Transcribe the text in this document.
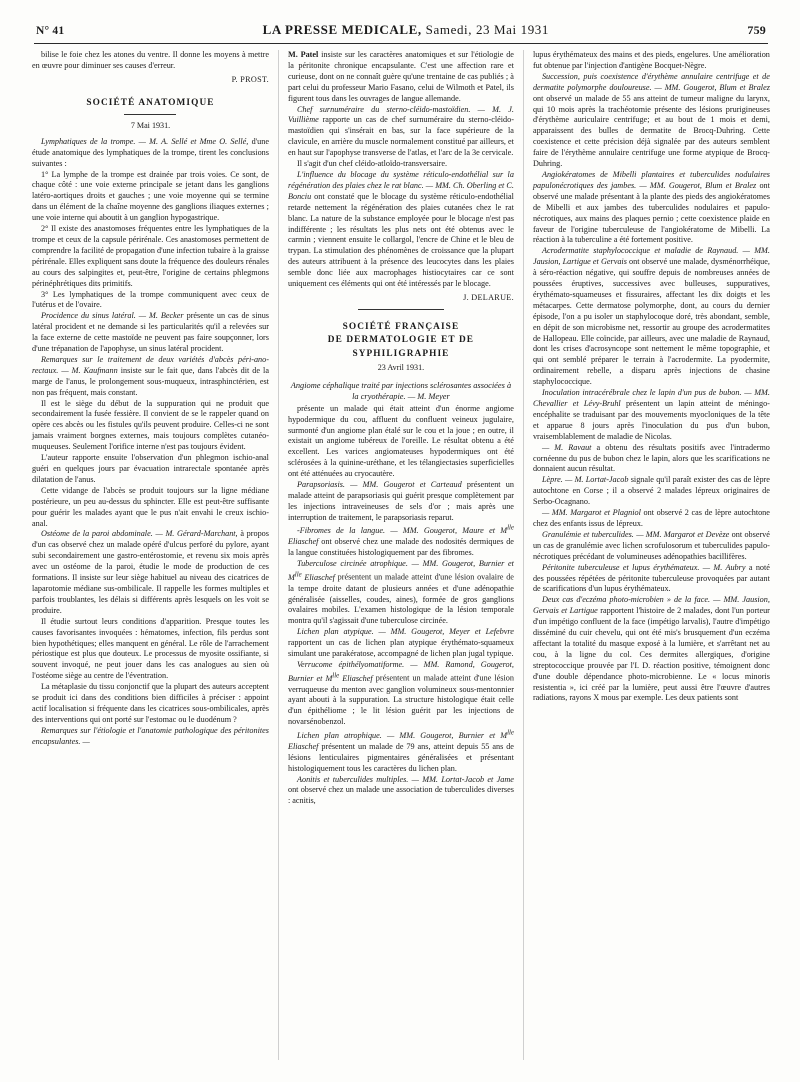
N° 41	LA PRESSE MEDICALE, Samedi, 23 Mai 1931	759

bilise le foie chez les atones du ventre. Il donne les moyens à mettre en œuvre pour diminuer ses causes d'erreur.

P. PROST.

SOCIÉTÉ ANATOMIQUE

7 Mai 1931.

Lymphatiques de la trompe. — M. A. Sellé et Mme O. Sellé, d'une étude anatomique des lymphatiques de la trompe, tirent les conclusions suivantes :

1° La lymphe de la trompe est drainée par trois voies. Ce sont, de chaque côté : une voie externe principale se jetant dans les ganglions latéro-aortiques droits et gauches ; une voie moyenne qui se termine dans un élément de la chaîne moyenne des ganglions iliaques externes ; une voie interne qui aboutit à un ganglion hypogastrique.

2° Il existe des anastomoses fréquentes entre les lymphatiques de la trompe et ceux de la capsule périrénale. Ces anastomoses permettent de comprendre la facilité de propagation d'une infection tubaire à la graisse périrénale. Elles expliquent sans doute la fréquence des douleurs rénales au cours des salpingites et, peut-être, l'origine de certains phlegmons périnéphrétiques dits primitifs.

3° Les lymphatiques de la trompe communiquent avec ceux de l'utérus et de l'ovaire.

Procidence du sinus latéral. — M. Becker présente un cas de sinus latéral procident et ne demande si les particularités qu'il a relevées sur la face externe de cette mastoïde ne peuvent pas faire soupçonner, lors d'une trépanation de l'apophyse, un sinus latéral procident.

Remarques sur le traitement de deux variétés d'abcès péri-ano-rectaux. — M. Kaufmann insiste sur le fait que, dans l'abcès dit de la marge de l'anus, le prolongement sous-muqueux, intrasphinctérien, est non pas fréquent, mais constant.

Il est le siège du début de la suppuration qui ne produit que secondairement la fusée fessière. Il convient de se le rappeler quand on opère ces abcès ou les fistules qu'ils peuvent produire. Celles-ci ne sont jamais vraiment borgnes externes, mais toujours complètes cutanéo-muqueuses. Seulement l'orifice interne n'est pas toujours évident.

L'auteur rapporte ensuite l'observation d'un phlegmon ischio-anal guéri en quelques jours par évacuation intrarectale spontanée après dilatation de l'anus.

Cette vidange de l'abcès se produit toujours sur la ligne médiane postérieure, un peu au-dessus du sphincter. Elle est peut-être suffisante pour guérir les malades ayant que le pus n'ait envahi le creux ischio-anal.

Ostéome de la paroi abdominale. — M. Gérard-Marchant, à propos d'un cas observé chez un malade opéré d'ulcus perforé du pylore, ayant subi secondairement une gastro-entérostomie, et revenu six mois après avec un ostéome de la paroi, étudie le mode de production de ces formations. Il insiste sur leur siège habituel au niveau des cicatrices de laparotomie médiane sus-ombilicale. Il rappelle les formes multiples et parfois troublantes, les délais si différents après lesquels on les voit se produire.

Il étudie surtout leurs conditions d'apparition. Presque toutes les causes favorisantes invoquées : hématomes, infection, fils perdus sont bien hypothétiques; elles manquent en général. Le rôle de l'arrachement périostique est plus que douteux. Le processus de myosite ossifiante, si souvent invoqué, ne peut jouer dans les cas analogues au sien où l'ostéome siège au centre de l'éventration.

La métaplasie du tissu conjonctif que la plupart des auteurs acceptent se produit ici dans des conditions bien difficiles à préciser : appoint actif localisation si fréquente dans les cicatrices sous-ombilicales, après des interventions qui ont porté sur l'estomac ou le duodénum ?

Remarques sur l'étiologie et l'anatomie pathologique des péritonites encapsulantes. —

M. Patel insiste sur les caractères anatomiques et sur l'étiologie de la péritonite chronique encapsulante. C'est une affection rare et curieuse, dont on ne connaît guère qu'une trentaine de cas publiés ; à part celui du professeur Mario Fasano, celui de Wilmoth et Patel, ils figurent tous dans les ouvrages de langue allemande.

Chef surnuméraire du sterno-cléido-mastoïdien. — M. J. Vuillième rapporte un cas de chef surnuméraire du sterno-cléido-mastoïdien qui s'insérait en bas, sur la face supérieure de la clavicule, en arrière du muscle normalement constitué par ailleurs, et en haut sur l'apophyse transverse de l'atlas, et l'arc de la 3e cervicale.

Il s'agit d'un chef cléido-atloïdo-transversaire.

L'influence du blocage du système réticulo-endothélial sur la régénération des plaies chez le rat blanc. — MM. Ch. Oberling et C. Bonciu ont constaté que le blocage du système réticulo-endothélial retarde nettement la régénération des plaies cutanées chez le rat blanc. La nature de la substance employée pour le blocage n'est pas indifférente ; les résultats les plus nets ont été obtenus avec le carmin ; viennent ensuite le collargol, l'encre de Chine et le bleu de trypan. La stimulation des phénomènes de croissance que la plupart des auteurs attribuent à la présence des leucocytes dans les plaies semble donc liée aux macrophages histiocytaires car ce sont uniquement ces éléments qui ont été intéressés par le blocage.

J. DELARUE.

SOCIÉTÉ FRANÇAISE
DE DERMATOLOGIE ET DE SYPHILIGRAPHIE

23 Avril 1931.

Angiome céphalique traité par injections sclérosantes associées à la cryothérapie. — M. Meyer

présente un malade qui était atteint d'un énorme angiome hypodermique du cou, affluent du confluent veineux jugulaire, surmonté d'un angiome plan étalé sur le cou et la joue ; en outre, il existait un angiome tubéreux de l'oreille. Le résultat obtenu a été excellent. Les varices angiomateuses hypodermiques ont été sclérosées à la quinine-uréthane, et les télangiectasies superficielles ont été atténuées au cryocautère.

Parapsoriasis. — MM. Gougerot et Carteaud présentent un malade atteint de parapsoriasis qui guérit presque complètement par les injections intraveineuses de sels d'or ; mais après une interruption de traitement, le parapsoriasis reparut.

-Fibromes de la langue. — MM. Gougerot, Maure et $M^{lle}$ Eliaschef ont observé chez une malade des nodosités dermiques de la langue constituées histologiquement par des fibromes.

Tuberculose circinée atrophique. — MM. Gougerot, Burnier et $M^{lle}$ Eliaschef présentent un malade atteint d'une lésion ovalaire de la tempe droite datant de plusieurs années et d'une adénopathie généralisée (aisselles, coudes, aines), formée de gros ganglions ovalaires mobiles. L'examen histologique de la lésion temporale montra qu'il s'agissait d'une tuberculose circinée.

Lichen plan atypique. — MM. Gougerot, Meyer et Lefebvre rapportent un cas de lichen plan atypique érythémato-squameux simulant une parakératose, accompagné de lichen plan jugal typique.

Verrucome épithélyomatiforme. — MM. Ramond, Gougerot, Burnier et $M^{lle}$ Eliaschef présentent un malade atteint d'une lésion verruqueuse du menton avec ganglion volumineux sous-mentonnier ayant abouti à la suppuration. La structure histologique était celle d'un épithéliome ; le lit lésion guérit par les injections de novarsénobenzol.

Lichen plan atrophique. — MM. Gougerot, Burnier et $M^{lle}$ Eliaschef présentent un malade de 79 ans, atteint depuis 55 ans de lésions lenticulaires pigmentaires généralisées et présentant histologiquement tous les caractères du lichen plan.

Aonitis et tuberculides multiples. — MM. Lortat-Jacob et Jame ont observé chez un malade une association de tuberculides diverses : acnitis,

lupus érythémateux des mains et des pieds, engelures. Une amélioration fut obtenue par l'injection d'antigène Bocquet-Nègre.

Succession, puis coexistence d'érythème annulaire centrifuge et de dermatite polymorphe douloureuse. — MM. Gougerot, Blum et Bralez ont observé un malade de 55 ans atteint de tumeur maligne du larynx, qui 10 mois après la trachéotomie présente des lésions prurigineuses d'érythème auriculaire centrifuge; et au bout de 1 mois et demi, apparaissent des bulles de dermatite de Brocq-Duhring. Cette coexistence et cette précision déjà signalée par des auteurs semblent faire de l'érythème annulaire centrifuge une forme atypique de Brocq-Duhring.

Angiokératomes de Mibelli plantaires et tuberculides nodulaires papulonécrotiques des jambes. — MM. Gougerot, Blum et Bralez ont observé une malade présentant à la plante des pieds des angiokératomes de Mibelli et aux jambes des tuberculides nodulaires et papulo-nécrotiques, aux mains des plaques pernio ; cette coexistence plaide en faveur de l'origine tuberculeuse de l'angiokératome de Mibelli. La réaction à la tuberculine a été fortement positive.

Acrodermatite staphylococcique et maladie de Raynaud. — MM. Jausion, Lartigue et Gervais ont observé une malade, dysménorrhéique, à séro-réaction négative, qui souffre depuis de nombreuses années de poussées éruptives, successives avec bulleuses, suppuratives, érythémato-squameuses et fissuraires, affectant les dix doigts et les métacarpes. Cette dermatose polymorphe, dont, au cours du dernier épisode, l'on a pu isoler un staphylocoque doré, très abondant, semble, en dépit de son microbisme net, ressortir au groupe des acrodermatites de Hallopeau. Elle coïncide, par ailleurs, avec une maladie de Raynaud, dont les crises d'acrosyncope sont nettement le même topographie, et qui ont semblé préparer le terrain à l'acrodermite. La pyodermite, ordinairement rebelle, a disparu après injections de chasine staphylococcique.

Inoculation intracérébrale chez le lapin d'un pus de bubon. — MM. Chevallier et Lévy-Bruhl présentent un lapin atteint de méningo-encéphalite se traduisant par des mouvements myocloniques de la tête et apparue 8 jours après l'inoculation du pus d'un bubon, vraisemblablement de maladie de Nicolas.

— M. Ravaut a obtenu des résultats positifs avec l'intradermo cornéenne du pus de bubon chez le lapin, alors que les scarifications ne donnaient aucun résultat.

Lèpre. — M. Lortat-Jacob signale qu'il paraît exister des cas de lèpre autochtone en Corse ; il a observé 2 malades lépreux originaires de Serbo-Ocagnano.

— MM. Margarot et Plagniol ont observé 2 cas de lèpre autochtone chez des enfants issus de lépreux.

Granulémie et tuberculides. — MM. Margarot et Devèze ont observé un cas de granulémie avec lichen scrofulosorum et tuberculides papulo-nécrotiques précédant de volumineuses adénopathies bacillifères.

Péritonite tuberculeuse et lupus érythémateux. — M. Aubry a noté des poussées répétées de péritonite tuberculeuse provoquées par autant de scarifications d'un lupus érythémateux.

Deux cas d'eczéma photo-microbien » de la face. — MM. Jausion, Gervais et Lartigue rapportent l'histoire de 2 malades, dont l'un porteur d'un impétigo confluent de la face (impétigo larvalis), l'autre d'impétigo disséminé du cuir chevelu, qui ont été mis's brusquement d'un eczéma affectant la totalité du masque exposé à la lumière, et s'arrêtant net au cou, à la ligne du col. Ces dermites allergiques, d'origine streptococcique prouvée par l'I. D. réaction positive, témoignent donc d'une double dépendance photo-microbienne. Le « locus minoris resistentia », ici créé par la lumière, peut aussi être l'œuvre d'autres radiations, rayons X mous par exemple. Les deux patients sont
